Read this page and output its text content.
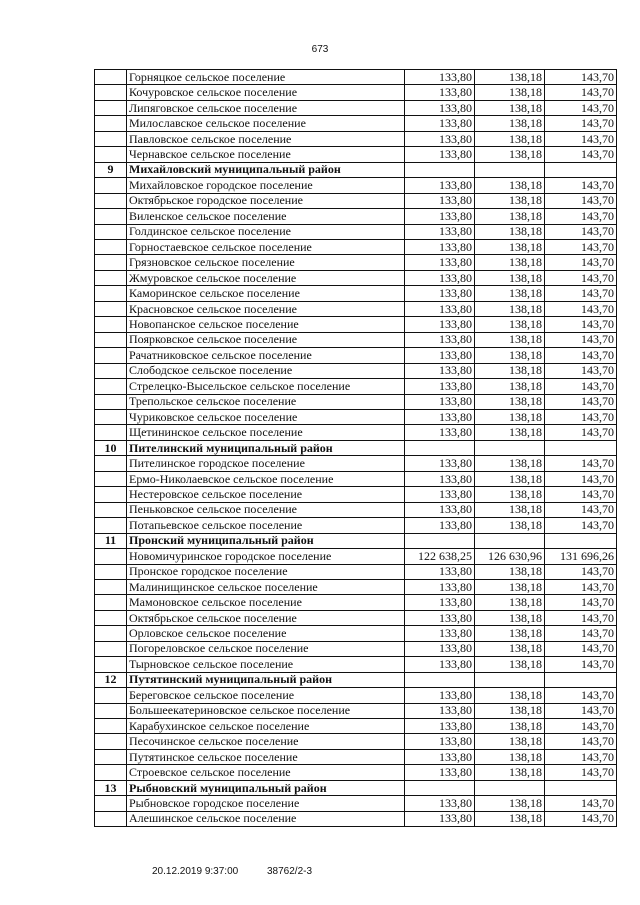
673
	Горняцкое сельское поселение	133,80	138,18	143,70
	Кочуровское сельское поселение	133,80	138,18	143,70
	Липяговское сельское поселение	133,80	138,18	143,70
	Милославское сельское поселение	133,80	138,18	143,70
	Павловское сельское поселение	133,80	138,18	143,70
	Чернавское сельское поселение	133,80	138,18	143,70
9	Михайловский муниципальный район			
	Михайловское городское поселение	133,80	138,18	143,70
	Октябрьское городское поселение	133,80	138,18	143,70
	Виленское сельское поселение	133,80	138,18	143,70
	Голдинское сельское поселение	133,80	138,18	143,70
	Горностаевское сельское поселение	133,80	138,18	143,70
	Грязновское сельское поселение	133,80	138,18	143,70
	Жмуровское сельское поселение	133,80	138,18	143,70
	Каморинское сельское поселение	133,80	138,18	143,70
	Красновское сельское поселение	133,80	138,18	143,70
	Новопанское сельское поселение	133,80	138,18	143,70
	Поярковское сельское поселение	133,80	138,18	143,70
	Рачатниковское сельское поселение	133,80	138,18	143,70
	Слободское сельское поселение	133,80	138,18	143,70
	Стрелецко-Высельское сельское поселение	133,80	138,18	143,70
	Трепольское сельское поселение	133,80	138,18	143,70
	Чуриковское сельское поселение	133,80	138,18	143,70
	Щетининское сельское поселение	133,80	138,18	143,70
10	Пителинский муниципальный район			
	Пителинское городское поселение	133,80	138,18	143,70
	Ермо-Николаевское сельское поселение	133,80	138,18	143,70
	Нестеровское сельское поселение	133,80	138,18	143,70
	Пеньковское сельское поселение	133,80	138,18	143,70
	Потапьевское сельское поселение	133,80	138,18	143,70
11	Пронский муниципальный район			
	Новомичуринское городское поселение	122 638,25	126 630,96	131 696,26
	Пронское городское поселение	133,80	138,18	143,70
	Малинищинское сельское поселение	133,80	138,18	143,70
	Мамоновское сельское поселение	133,80	138,18	143,70
	Октябрьское сельское поселение	133,80	138,18	143,70
	Орловское сельское поселение	133,80	138,18	143,70
	Погореловское сельское поселение	133,80	138,18	143,70
	Тырновское сельское поселение	133,80	138,18	143,70
12	Путятинский муниципальный район			
	Береговское сельское поселение	133,80	138,18	143,70
	Большеекатериновское сельское поселение	133,80	138,18	143,70
	Карабухинское сельское поселение	133,80	138,18	143,70
	Песочинское сельское поселение	133,80	138,18	143,70
	Путятинское сельское поселение	133,80	138,18	143,70
	Строевское сельское поселение	133,80	138,18	143,70
13	Рыбновский муниципальный район			
	Рыбновское городское поселение	133,80	138,18	143,70
	Алешинское сельское поселение	133,80	138,18	143,70
20.12.2019 9:37:00	38762/2-3
